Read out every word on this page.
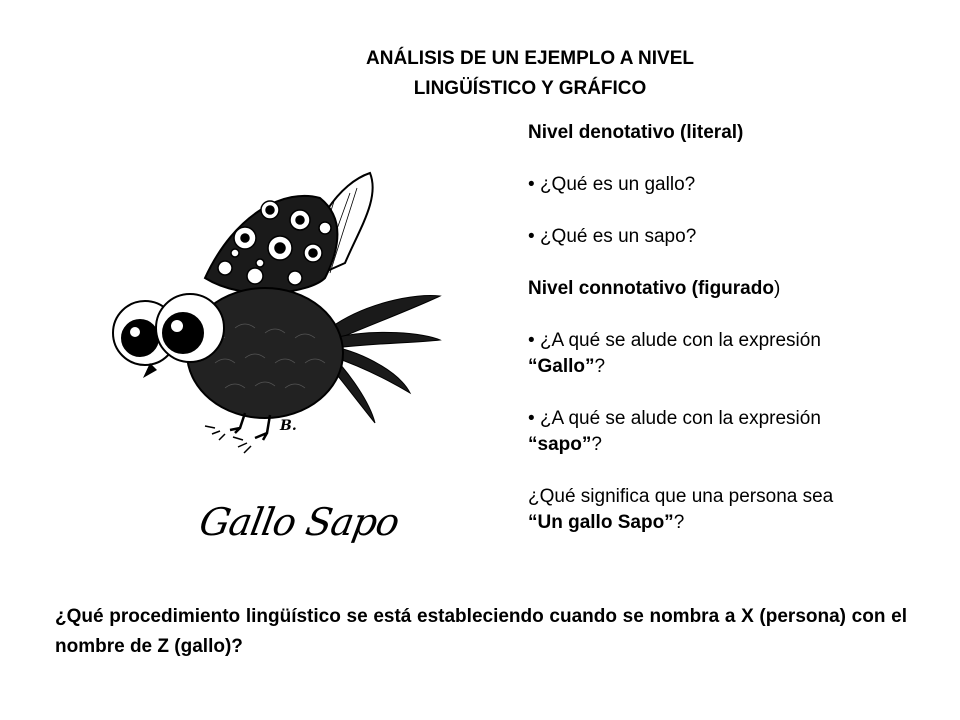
ANÁLISIS DE UN EJEMPLO A NIVEL
LINGÜÍSTICO Y GRÁFICO
B.
Gallo Sapo

Nivel denotativo (literal)

• ¿Qué es un gallo?

• ¿Qué es un sapo?

Nivel connotativo (figurado)

• ¿A qué se alude con la expresión
“Gallo”?

• ¿A qué se alude con la expresión
“sapo”?

¿Qué significa que una persona sea
“Un gallo Sapo”?

¿Qué procedimiento lingüístico se está estableciendo cuando se nombra a X (persona) con el nombre de Z (gallo)?
